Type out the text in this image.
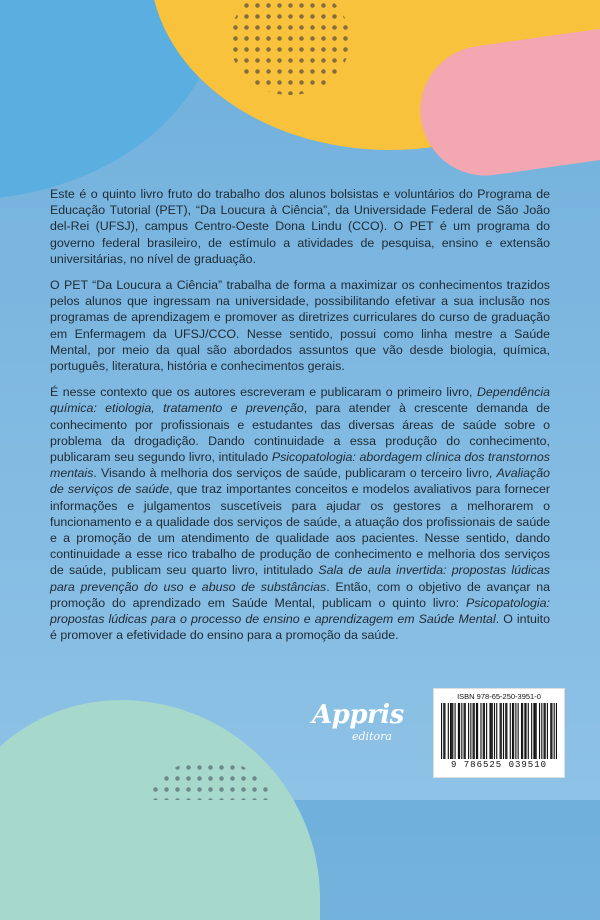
Este é o quinto livro fruto do trabalho dos alunos bolsistas e voluntários do Programa de Educação Tutorial (PET), “Da Loucura à Ciência”, da Universidade Federal de São João del-Rei (UFSJ), campus Centro-Oeste Dona Lindu (CCO). O PET é um programa do governo federal brasileiro, de estímulo a atividades de pesquisa, ensino e extensão universitárias, no nível de graduação.

O PET “Da Loucura a Ciência” trabalha de forma a maximizar os conhecimentos trazidos pelos alunos que ingressam na universidade, possibilitando efetivar a sua inclusão nos programas de aprendizagem e promover as diretrizes curriculares do curso de graduação em Enfermagem da UFSJ/CCO. Nesse sentido, possui como linha mestre a Saúde Mental, por meio da qual são abordados assuntos que vão desde biologia, química, português, literatura, história e conhecimentos gerais.

É nesse contexto que os autores escreveram e publicaram o primeiro livro, Dependência química: etiologia, tratamento e prevenção, para atender à crescente demanda de conhecimento por profissionais e estudantes das diversas áreas de saúde sobre o problema da drogadição. Dando continuidade a essa produção do conhecimento, publicaram seu segundo livro, intitulado Psicopatologia: abordagem clínica dos transtornos mentais. Visando à melhoria dos serviços de saúde, publicaram o terceiro livro, Avaliação de serviços de saúde, que traz importantes conceitos e modelos avaliativos para fornecer informações e julgamentos suscetíveis para ajudar os gestores a melhorarem o funcionamento e a qualidade dos serviços de saúde, a atuação dos profissionais de saúde e a promoção de um atendimento de qualidade aos pacientes. Nesse sentido, dando continuidade a esse rico trabalho de produção de conhecimento e melhoria dos serviços de saúde, publicam seu quarto livro, intitulado Sala de aula invertida: propostas lúdicas para prevenção do uso e abuso de substâncias. Então, com o objetivo de avançar na promoção do aprendizado em Saúde Mental, publicam o quinto livro: Psicopatologia: propostas lúdicas para o processo de ensino e aprendizagem em Saúde Mental. O intuito é promover a efetividade do ensino para a promoção da saúde.

Appris
editora
ISBN 978-65-250-3951-0
9 786525 039510
